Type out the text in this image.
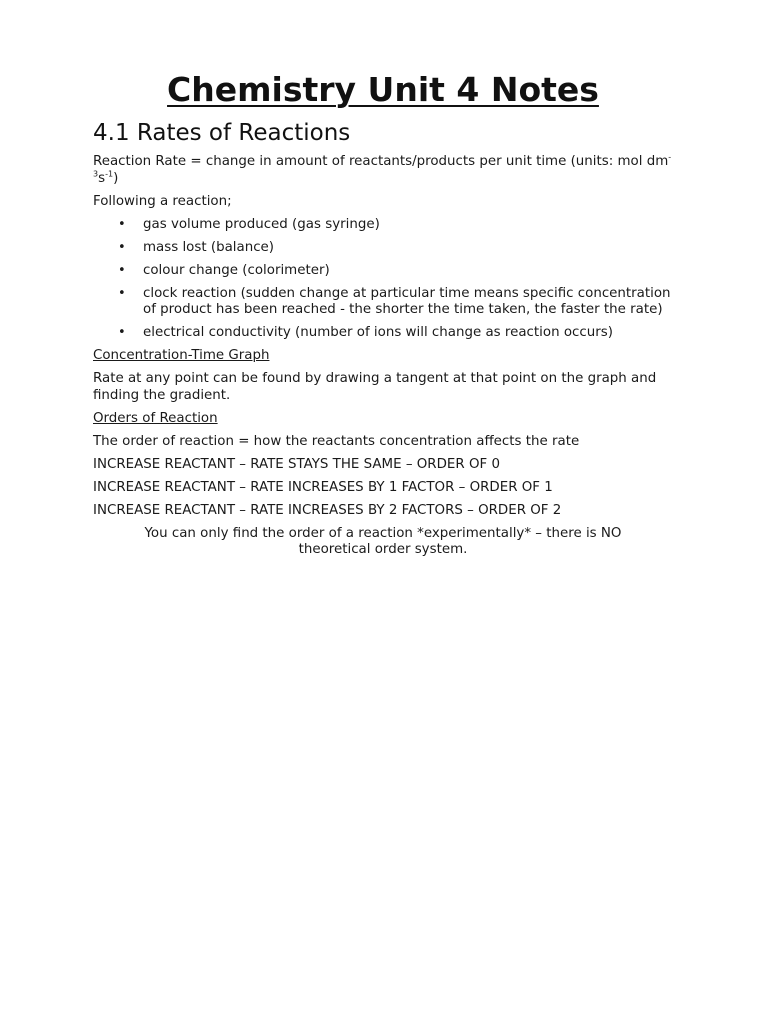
Chemistry Unit 4 Notes
4.1 Rates of Reactions

Reaction Rate = change in amount of reactants/products per unit time (units: mol $dm^{-3}s^{-1}$)

Following a reaction;

• gas volume produced (gas syringe)
• mass lost (balance)
• colour change (colorimeter)
• clock reaction (sudden change at particular time means specific concentration of product has been reached - the shorter the time taken, the faster the rate)
• electrical conductivity (number of ions will change as reaction occurs)

Concentration-Time Graph

Rate at any point can be found by drawing a tangent at that point on the graph and finding the gradient.

Orders of Reaction

The order of reaction = how the reactants concentration affects the rate

INCREASE REACTANT – RATE STAYS THE SAME – ORDER OF 0

INCREASE REACTANT – RATE INCREASES BY 1 FACTOR – ORDER OF 1

INCREASE REACTANT – RATE INCREASES BY 2 FACTORS – ORDER OF 2

You can only find the order of a reaction *experimentally* – there is NO theoretical order system.
